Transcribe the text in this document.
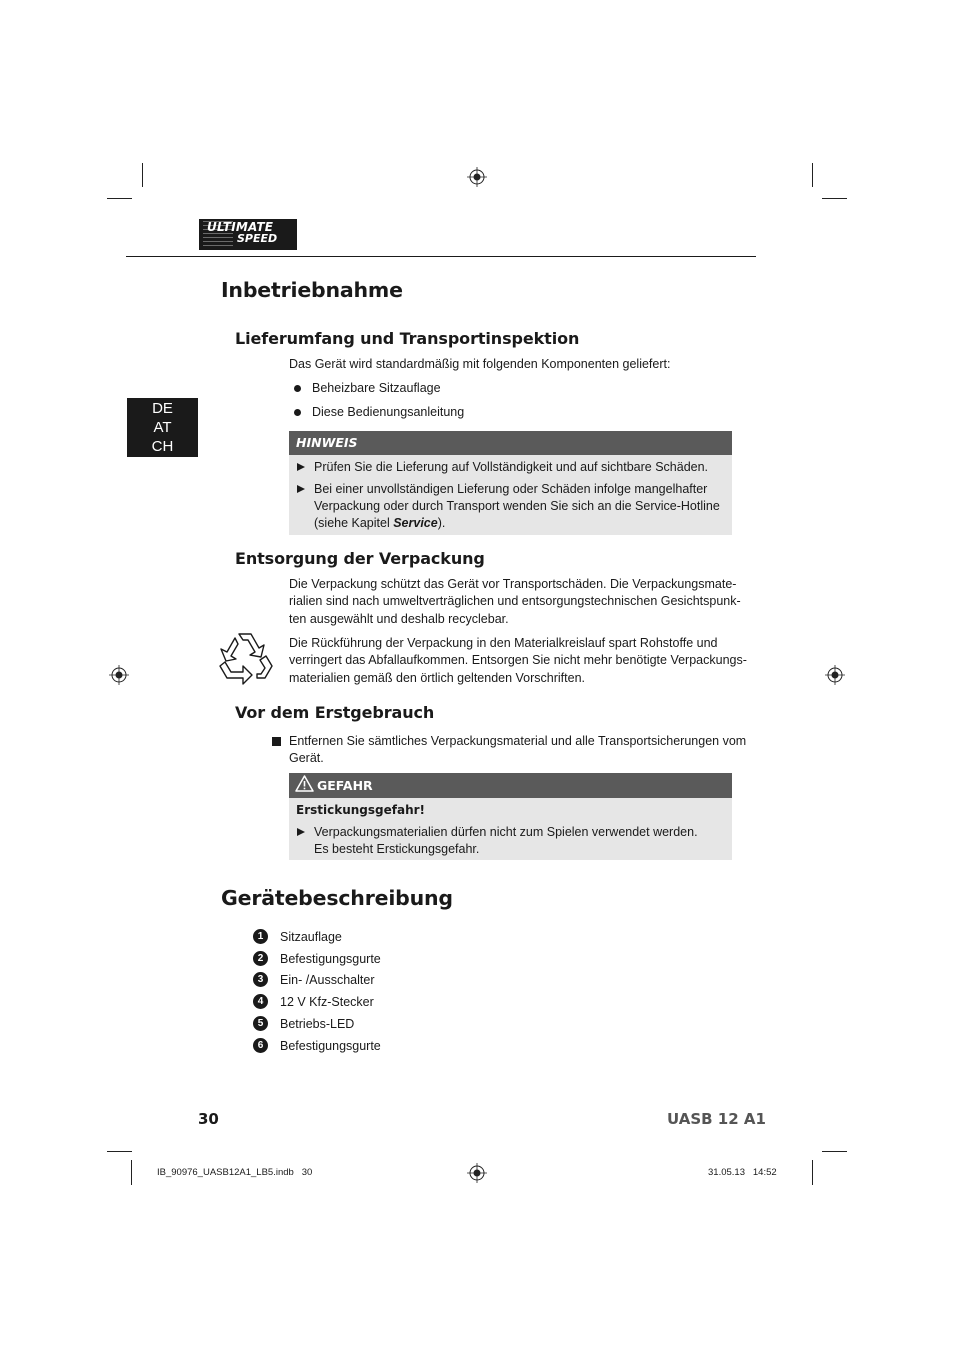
ULTIMATE
SPEED
DE
AT
CH
Inbetriebnahme
Lieferumfang und Transportinspektion

Das Gerät wird standardmäßig mit folgenden Komponenten geliefert:

Beheizbare Sitzauflage

Diese Bedienungsanleitung

HINWEIS

Prüfen Sie die Lieferung auf Vollständigkeit und auf sichtbare Schäden.

Bei einer unvollständigen Lieferung oder Schäden infolge mangelhafter

Verpackung oder durch Transport wenden Sie sich an die Service-Hotline

(siehe Kapitel Service).

Entsorgung der Verpackung

Die Verpackung schützt das Gerät vor Transportschäden. Die Verpackungsmate-

rialien sind nach umweltverträglichen und entsorgungstechnischen Gesichtspunk-

ten ausgewählt und deshalb recyclebar.

Die Rückführung der Verpackung in den Materialkreislauf spart Rohstoffe und

verringert das Abfallaufkommen. Entsorgen Sie nicht mehr benötigte Verpackungs-

materialien gemäß den örtlich geltenden Vorschriften.

Vor dem Erstgebrauch

Entfernen Sie sämtliches Verpackungsmaterial und alle Transportsicherungen vom

Gerät.

GEFAHR

Erstickungsgefahr!

Verpackungsmaterialien dürfen nicht zum Spielen verwendet werden.

Es besteht Erstickungsgefahr.

Gerätebeschreibung
1	Sitzauflage

2	Befestigungsgurte

3	Ein- /Ausschalter

4	12 V Kfz-Stecker

5	Betriebs-LED

6	Befestigungsgurte

30	UASB 12 A1
IB_90976_UASB12A1_LB5.indb   30	31.05.13   14:52
